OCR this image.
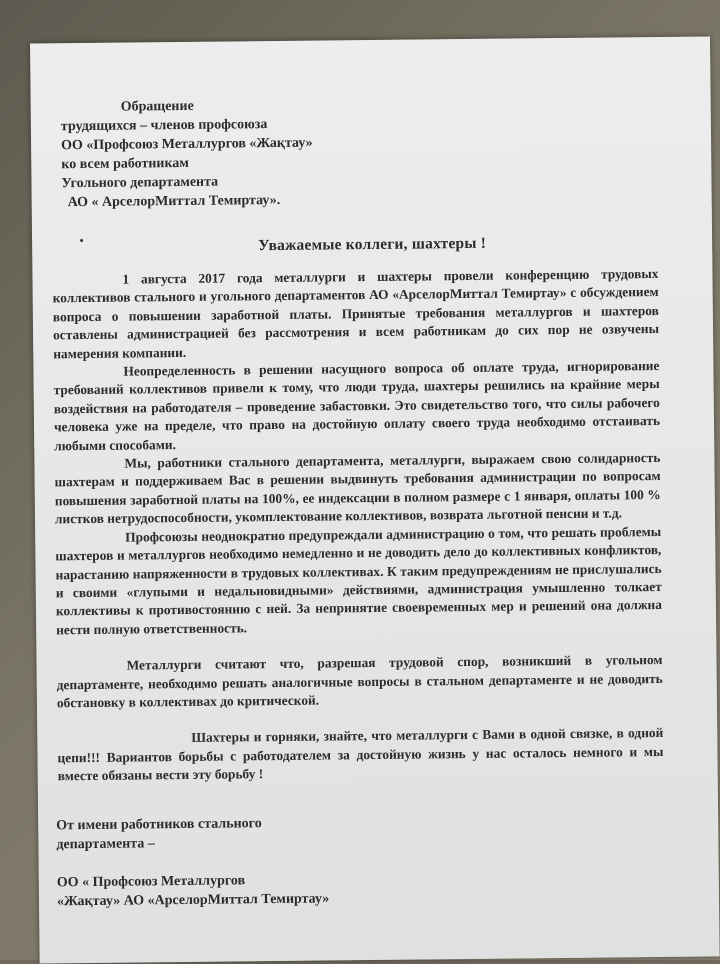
Обращение
трудящихся – членов профсоюза
ОО «Профсоюз Металлургов «Жақтау»
ко всем работникам
Угольного департамента
АО « АрселорМиттал Темиртау».
Уважаемые коллеги, шахтеры !

1 августа 2017 года металлурги и шахтеры провели конференцию трудовых коллективов стального и угольного департаментов АО «АрселорМиттал Темиртау» с обсуждением вопроса о повышении заработной платы. Принятые требования металлургов и шахтеров оставлены администрацией без рассмотрения и всем работникам до сих пор не озвучены намерения компании.

Неопределенность в решении насущного вопроса об оплате труда, игнорирование требований коллективов привели к тому, что люди труда, шахтеры решились на крайние меры воздействия на работодателя – проведение забастовки. Это свидетельство того, что силы рабочего человека уже на пределе, что право на достойную оплату своего труда необходимо отстаивать любыми способами.

Мы, работники стального департамента, металлурги, выражаем свою солидарность шахтерам и поддерживаем Вас в решении выдвинуть требования администрации по вопросам повышения заработной платы на 100%, ее индексации в полном размере с 1 января, оплаты 100 % листков нетрудоспособности, укомплектование коллективов, возврата льготной пенсии и т.д.

Профсоюзы неоднократно предупреждали администрацию о том, что решать проблемы шахтеров и металлургов необходимо немедленно и не доводить дело до коллективных конфликтов, нарастанию напряженности в трудовых коллективах. К таким предупреждениям не прислушались и своими «глупыми и недальновидными» действиями, администрация умышленно толкает коллективы к противостоянию с ней. За непринятие своевременных мер и решений она должна нести полную ответственность.

Металлурги считают что, разрешая трудовой спор, возникший в угольном департаменте, необходимо решать аналогичные вопросы в стальном департаменте и не доводить обстановку в коллективах до критической.

Шахтеры и горняки, знайте, что металлурги с Вами в одной связке, в одной цепи!!! Вариантов борьбы с работодателем за достойную жизнь у нас осталось немного и мы вместе обязаны вести эту борьбу !

От имени работников стального
департамента –
ОО « Профсоюз Металлургов
«Жақтау» АО «АрселорМиттал Темиртау»
